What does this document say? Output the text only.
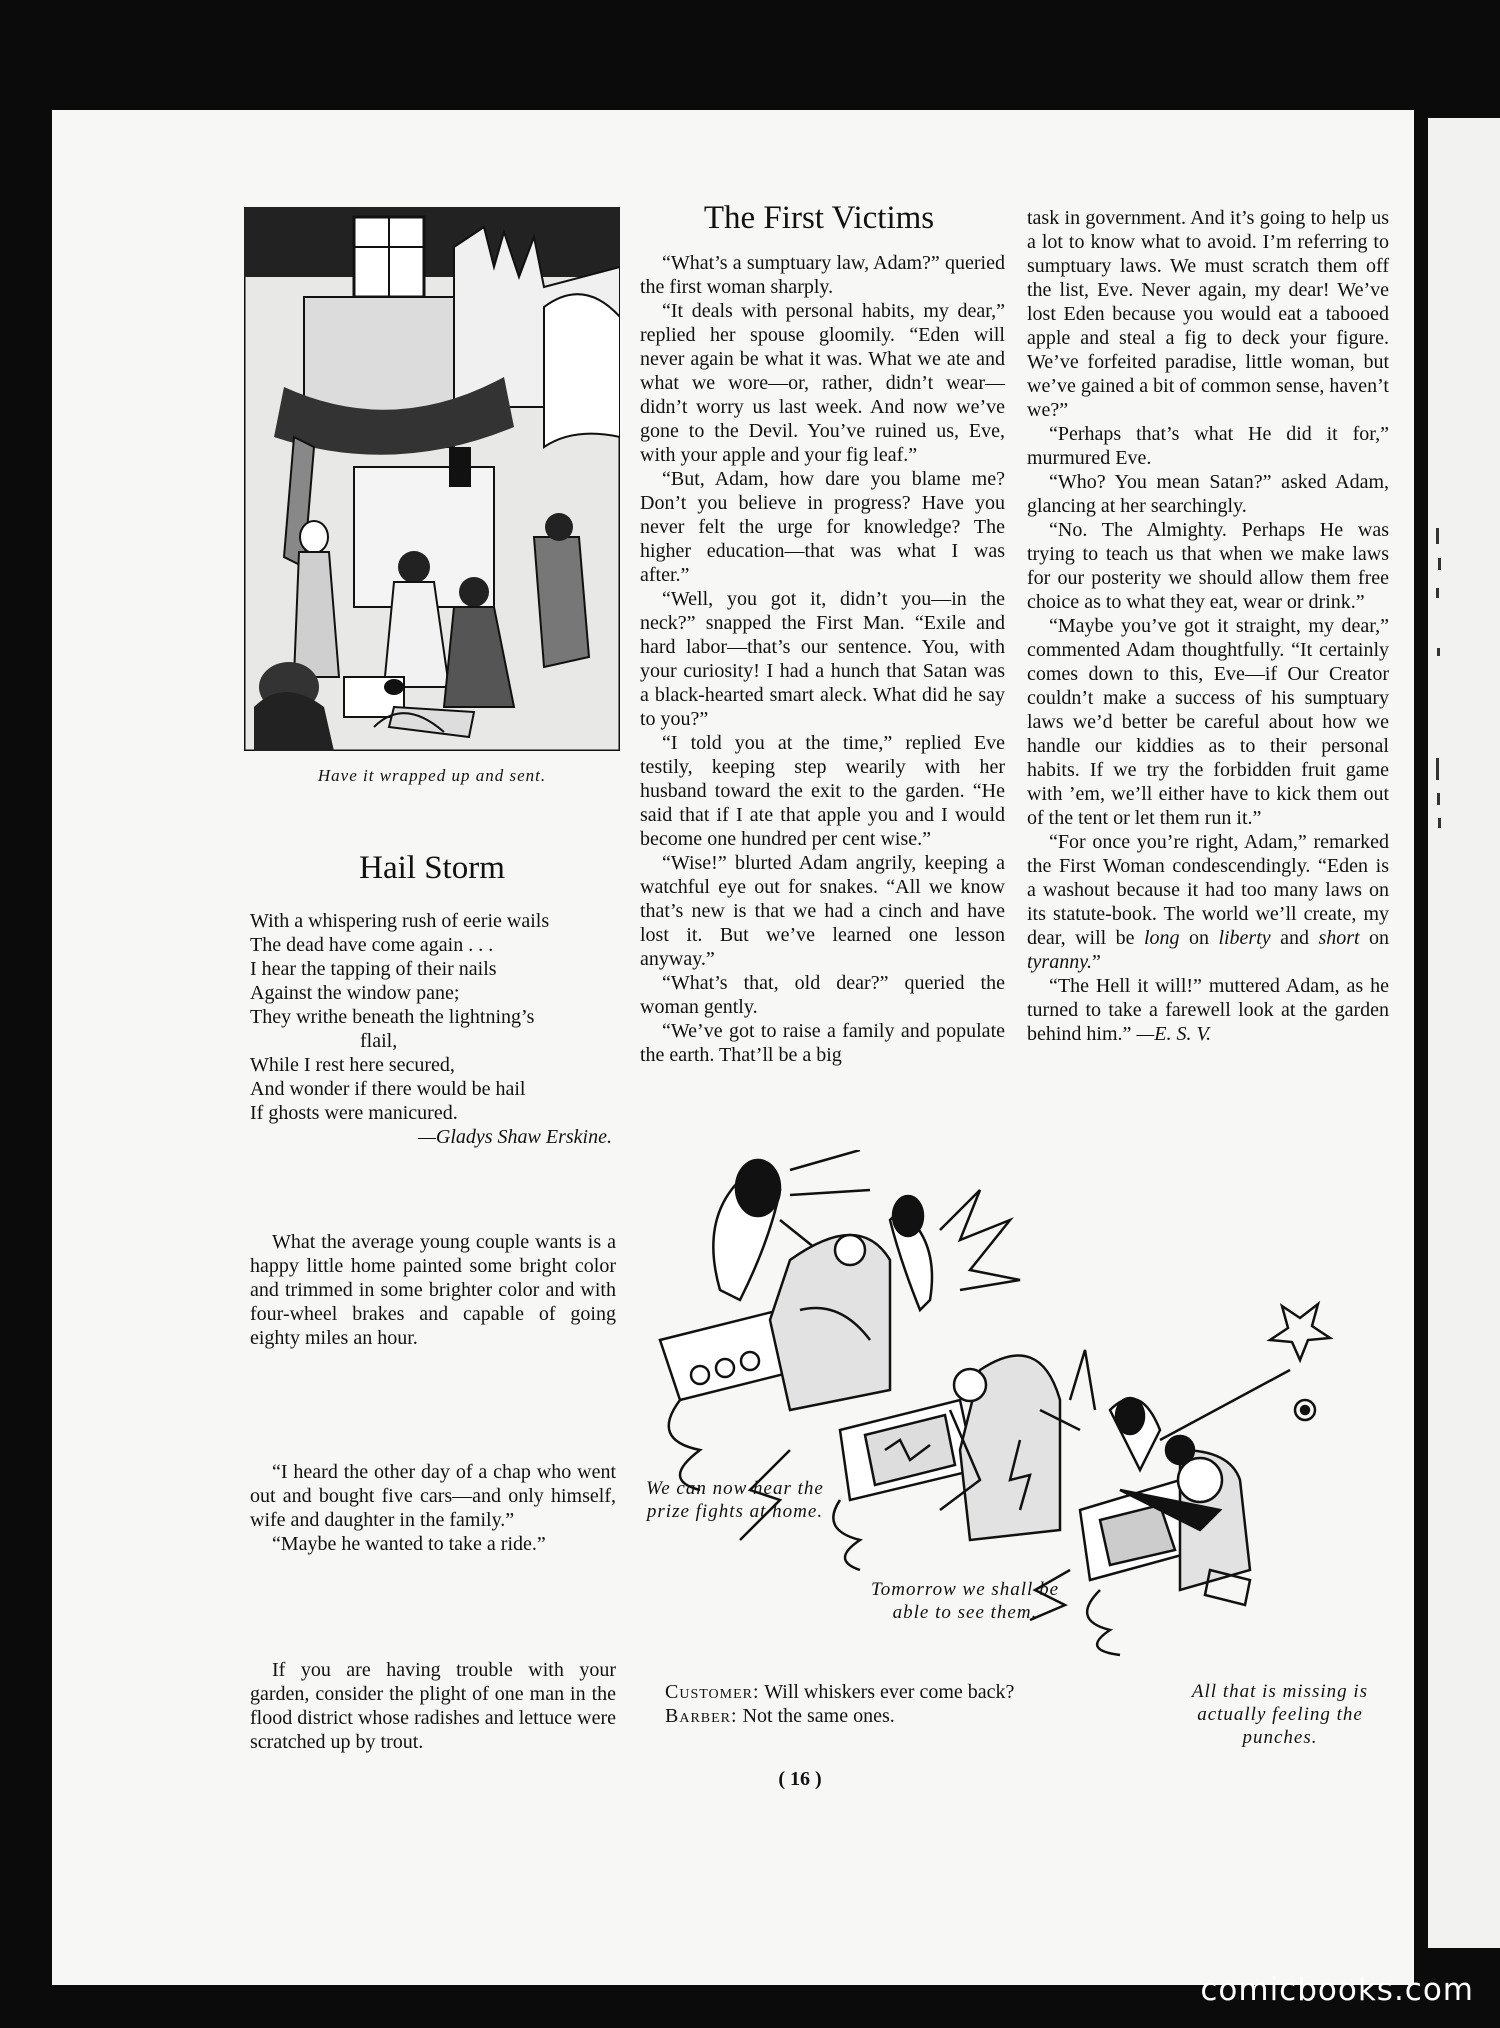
Have it wrapped up and sent.
Hail Storm
With a whispering rush of eerie wails
The dead have come again . . .
I hear the tapping of their nails
Against the window pane;
They writhe beneath the lightning’s
flail,
While I rest here secured,
And wonder if there would be hail
If ghosts were manicured.
—Gladys Shaw Erskine.
The First Victims

“What’s a sumptuary law, Adam?” queried the first woman sharply.

“It deals with personal habits, my dear,” replied her spouse gloomily. “Eden will never again be what it was. What we ate and what we wore—or, rather, didn’t wear—didn’t worry us last week. And now we’ve gone to the Devil. You’ve ruined us, Eve, with your apple and your fig leaf.”

“But, Adam, how dare you blame me? Don’t you believe in progress? Have you never felt the urge for knowledge? The higher education—that was what I was after.”

“Well, you got it, didn’t you—in the neck?” snapped the First Man. “Exile and hard labor—that’s our sentence. You, with your curiosity! I had a hunch that Satan was a black-hearted smart aleck. What did he say to you?”

“I told you at the time,” replied Eve testily, keeping step wearily with her husband toward the exit to the garden. “He said that if I ate that apple you and I would become one hundred per cent wise.”

“Wise!” blurted Adam angrily, keeping a watchful eye out for snakes. “All we know that’s new is that we had a cinch and have lost it. But we’ve learned one lesson anyway.”

“What’s that, old dear?” queried the woman gently.

“We’ve got to raise a family and populate the earth. That’ll be a big

task in government. And it’s going to help us a lot to know what to avoid. I’m referring to sumptuary laws. We must scratch them off the list, Eve. Never again, my dear! We’ve lost Eden because you would eat a tabooed apple and steal a fig to deck your figure. We’ve forfeited paradise, little woman, but we’ve gained a bit of common sense, haven’t we?”

“Perhaps that’s what He did it for,” murmured Eve.

“Who? You mean Satan?” asked Adam, glancing at her searchingly.

“No. The Almighty. Perhaps He was trying to teach us that when we make laws for our posterity we should allow them free choice as to what they eat, wear or drink.”

“Maybe you’ve got it straight, my dear,” commented Adam thoughtfully. “It certainly comes down to this, Eve—if Our Creator couldn’t make a success of his sumptuary laws we’d better be careful about how we handle our kiddies as to their personal habits. If we try the forbidden fruit game with ’em, we’ll either have to kick them out of the tent or let them run it.”

“For once you’re right, Adam,” remarked the First Woman condescendingly. “Eden is a washout because it had too many laws on its statute-book. The world we’ll create, my dear, will be long on liberty and short on tyranny.”

“The Hell it will!” muttered Adam, as he turned to take a farewell look at the garden behind him.” —E. S. V.

What the average young couple wants is a happy little home painted some bright color and trimmed in some brighter color and with four-wheel brakes and capable of going eighty miles an hour.

“I heard the other day of a chap who went out and bought five cars—and only himself, wife and daughter in the family.”

“Maybe he wanted to take a ride.”

If you are having trouble with your garden, consider the plight of one man in the flood district whose radishes and lettuce were scratched up by trout.

We can now hear the prize fights at home.
Tomorrow we shall be able to see them.
All that is missing is actually feeling the punches.

Customer: Will whiskers ever come back?

Barber: Not the same ones.

( 16 )
comicbooks.com
